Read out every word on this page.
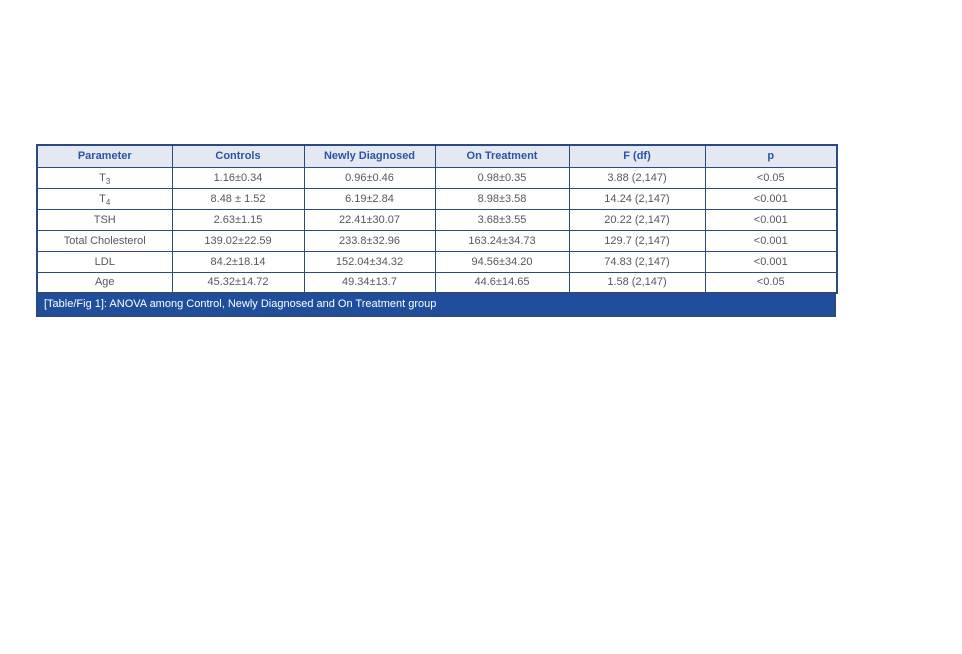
Parameter	Controls	Newly Diagnosed	On Treatment	F (df)	p
$T_3$	1.16±0.34	0.96±0.46	0.98±0.35	3.88 (2,147)	<0.05
$T_4$	8.48 ± 1.52	6.19±2.84	8.98±3.58	14.24 (2,147)	<0.001
TSH	2.63±1.15	22.41±30.07	3.68±3.55	20.22 (2,147)	<0.001
Total Cholesterol	139.02±22.59	233.8±32.96	163.24±34.73	129.7 (2,147)	<0.001
LDL	84.2±18.14	152.04±34.32	94.56±34.20	74.83 (2,147)	<0.001
Age	45.32±14.72	49.34±13.7	44.6±14.65	1.58 (2,147)	<0.05
[Table/Fig 1]: ANOVA among Control, Newly Diagnosed and On Treatment group
